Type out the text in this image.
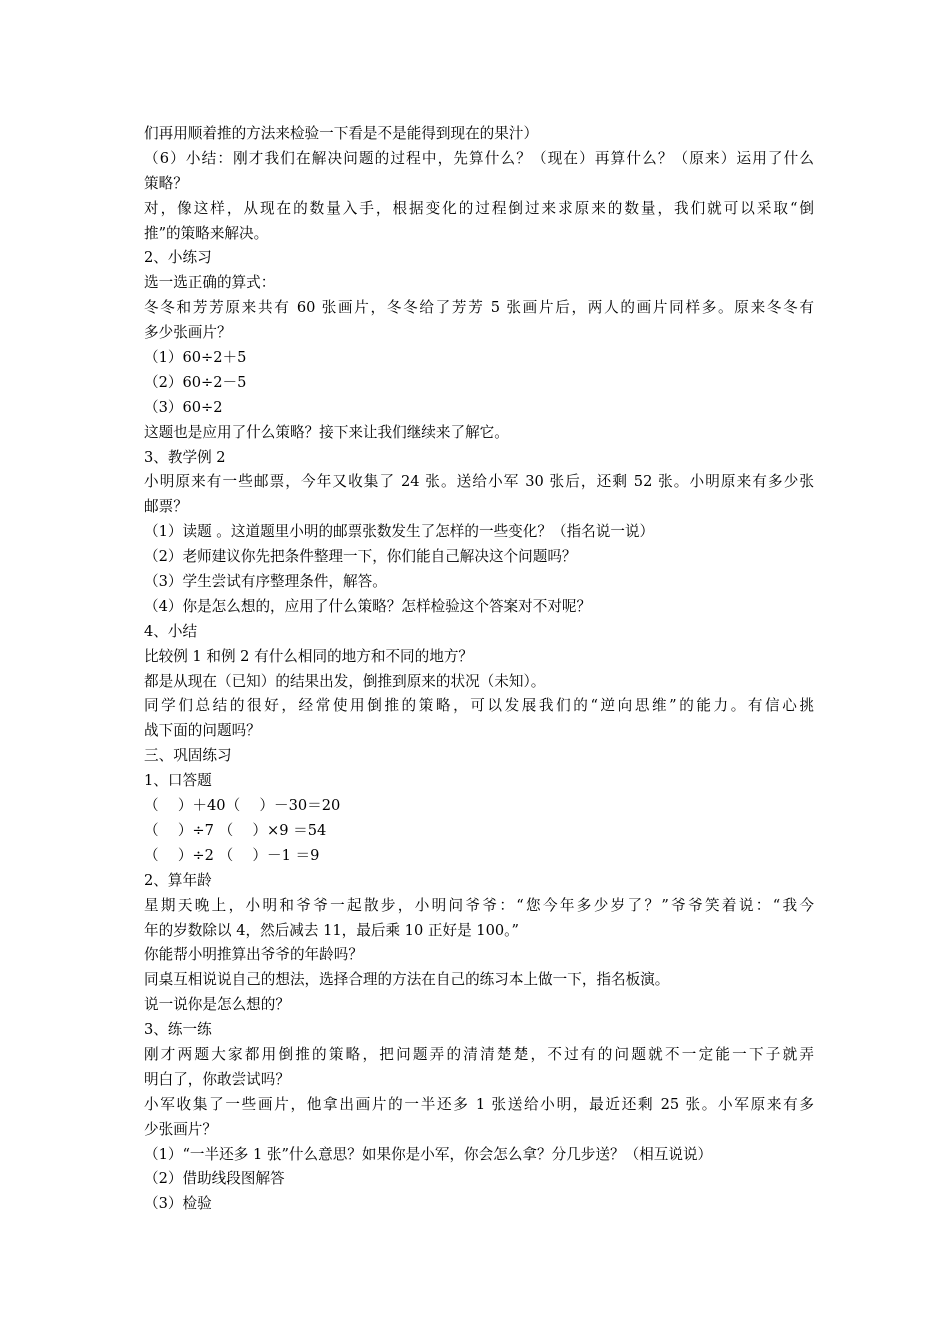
们再用顺着推的方法来检验一下看是不是能得到现在的果汁）
（6）小结：刚才我们在解决问题的过程中，先算什么？（现在）再算什么？（原来）运用了什么
策略？
对，像这样，从现在的数量入手，根据变化的过程倒过来求原来的数量，我们就可以采取“倒
推”的策略来解决。
2、小练习
选一选正确的算式：
冬冬和芳芳原来共有 60 张画片，冬冬给了芳芳 5 张画片后，两人的画片同样多。原来冬冬有
多少张画片？
（1）60÷2＋5
（2）60÷2－5
（3）60÷2
这题也是应用了什么策略？接下来让我们继续来了解它。
3、教学例 2
小明原来有一些邮票，今年又收集了 24 张。送给小军 30 张后，还剩 52 张。小明原来有多少张
邮票？
（1）读题 。这道题里小明的邮票张数发生了怎样的一些变化？（指名说一说）
（2）老师建议你先把条件整理一下，你们能自己解决这个问题吗？
（3）学生尝试有序整理条件，解答。
（4）你是怎么想的，应用了什么策略？怎样检验这个答案对不对呢？
4、小结
比较例 1 和例 2 有什么相同的地方和不同的地方？
都是从现在（已知）的结果出发，倒推到原来的状况（未知）。
同学们总结的很好，经常使用倒推的策略，可以发展我们的“逆向思维”的能力。有信心挑
战下面的问题吗？
三、巩固练习
1、口答题
（　 ）＋40（　 ）－30＝20
（　 ）÷7 （　 ）×9 ＝54
（　 ）÷2 （　 ）－1 ＝9
2、算年龄
星期天晚上，小明和爷爷一起散步，小明问爷爷：“您今年多少岁了？”爷爷笑着说：“我今
年的岁数除以 4，然后减去 11，最后乘 10 正好是 100。”
你能帮小明推算出爷爷的年龄吗？
同桌互相说说自己的想法，选择合理的方法在自己的练习本上做一下，指名板演。
说一说你是怎么想的？
3、练一练
刚才两题大家都用倒推的策略，把问题弄的清清楚楚，不过有的问题就不一定能一下子就弄
明白了，你敢尝试吗？
小军收集了一些画片，他拿出画片的一半还多 1 张送给小明，最近还剩 25 张。小军原来有多
少张画片？
（1）“一半还多 1 张”什么意思？如果你是小军，你会怎么拿？分几步送？（相互说说）
（2）借助线段图解答
（3）检验
